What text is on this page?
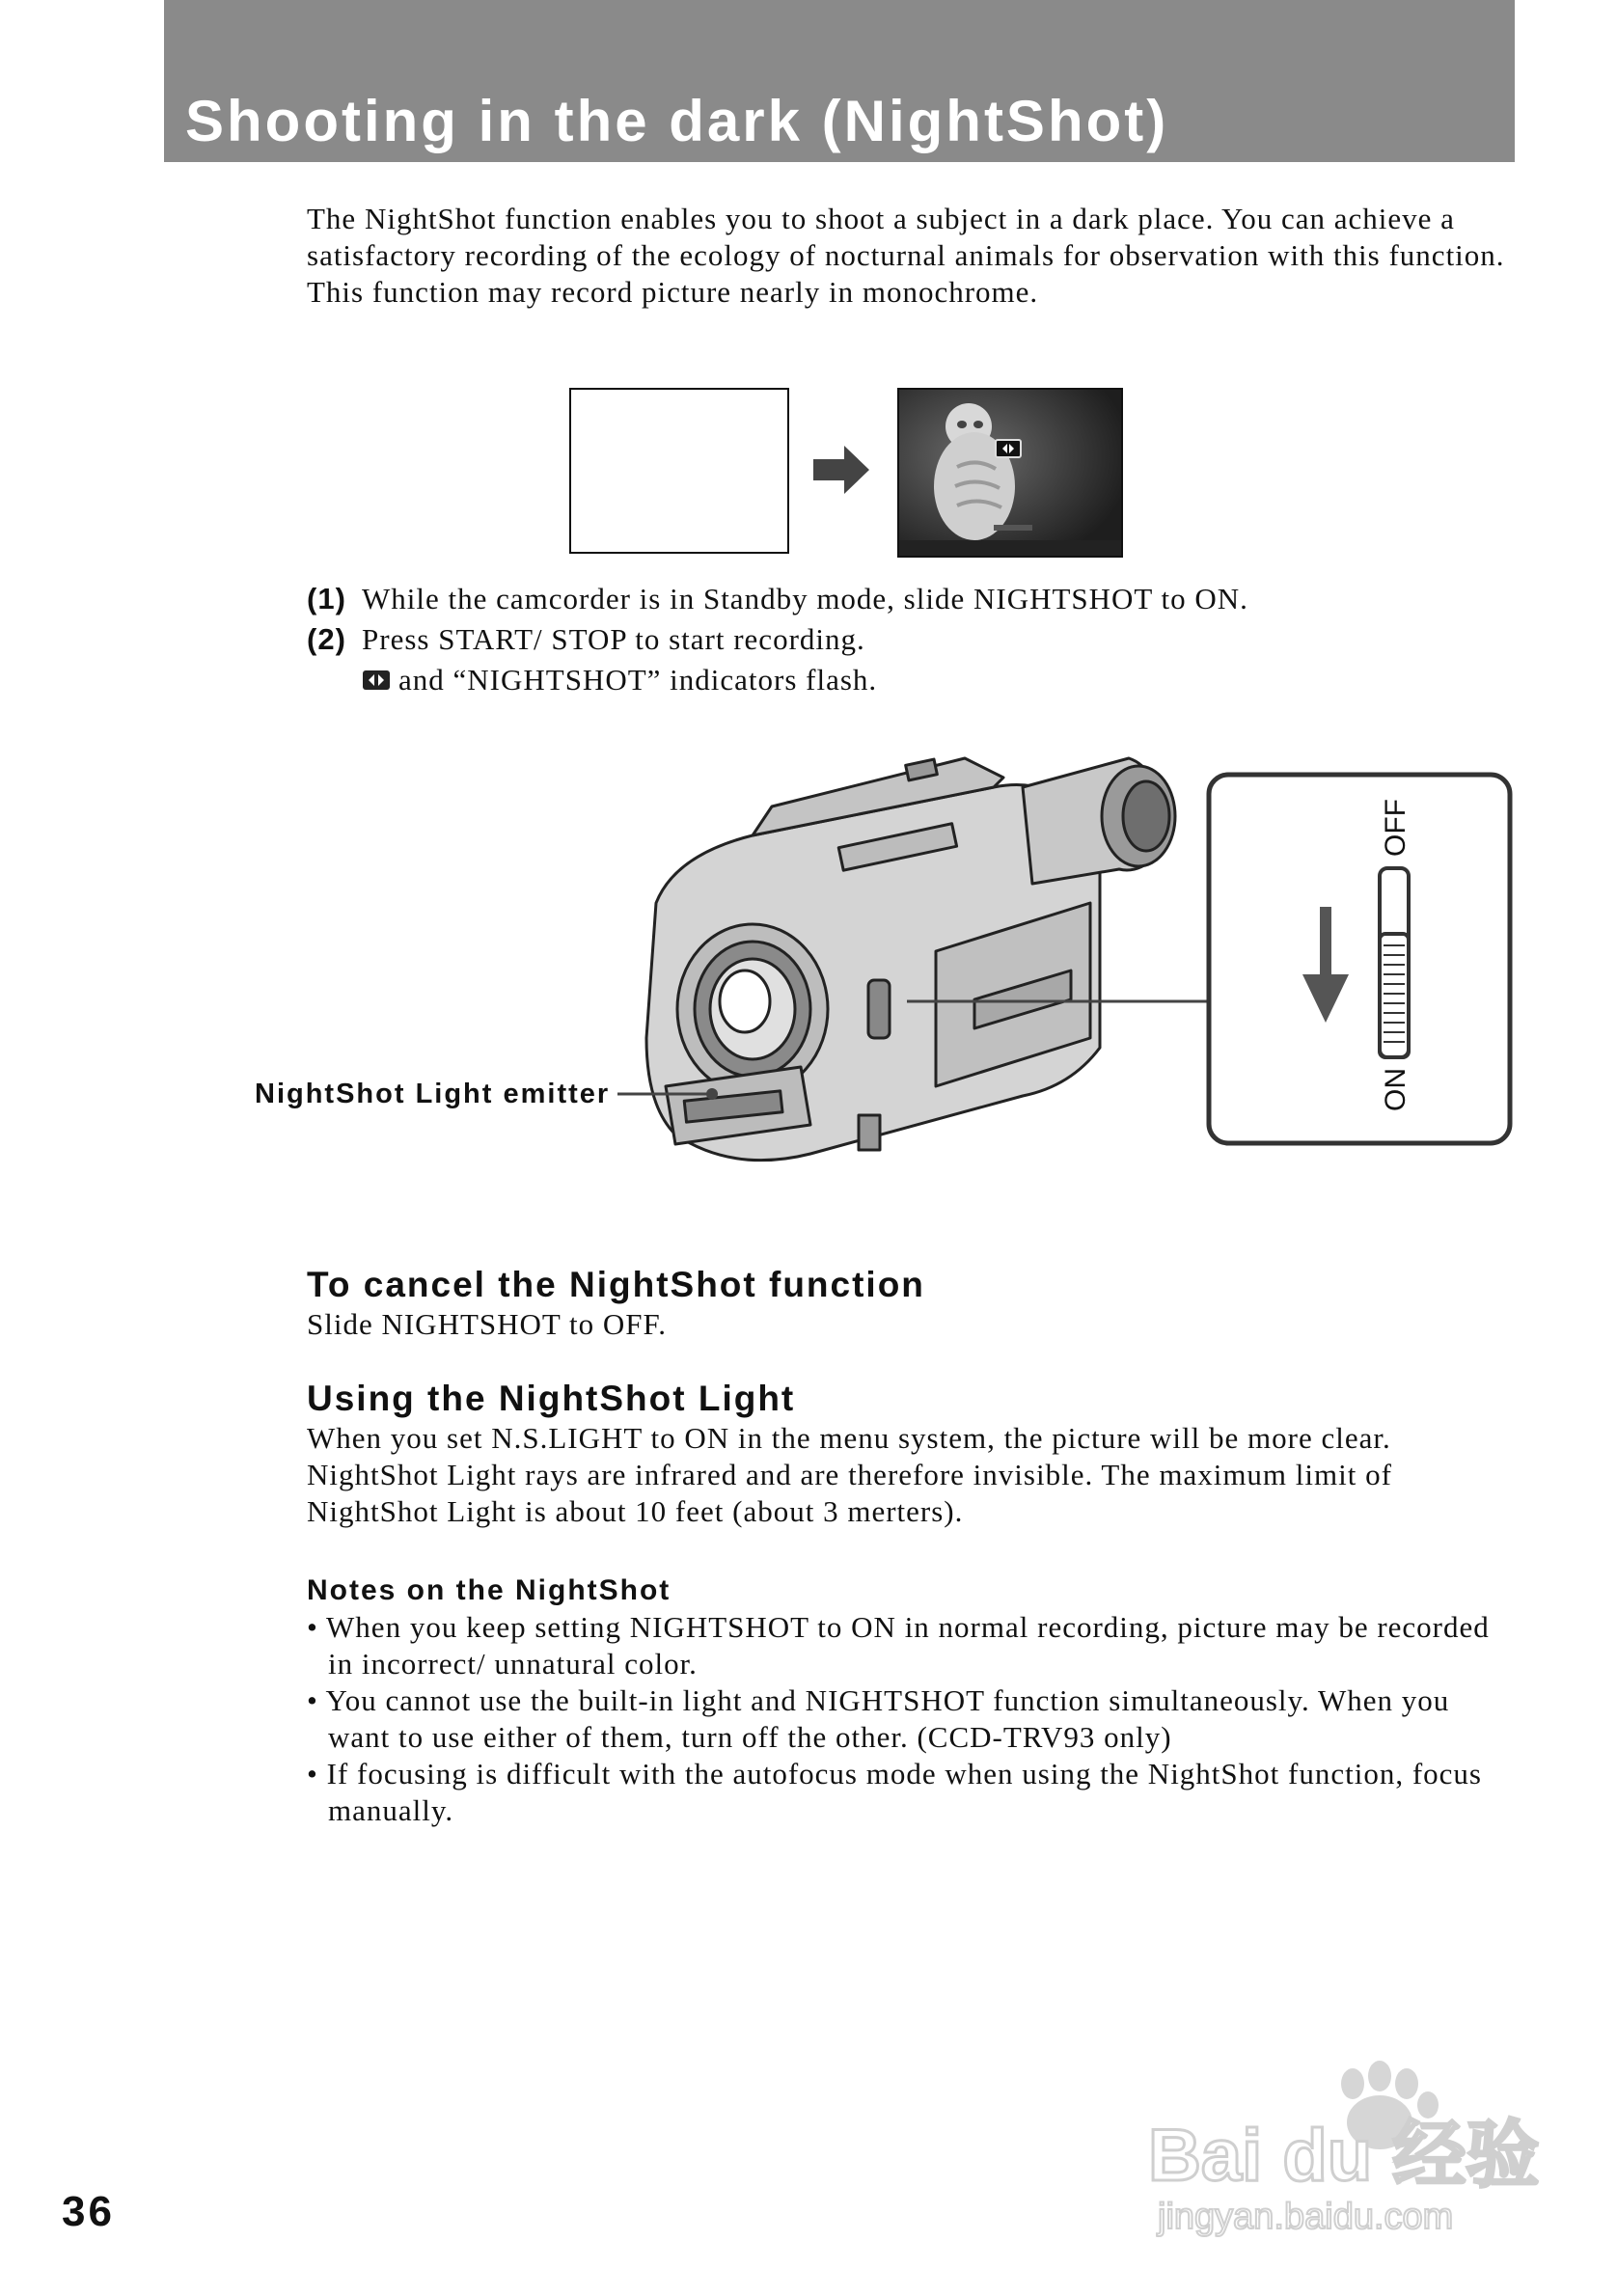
Shooting in the dark (NightShot)

The NightShot function enables you to shoot a subject in a dark place. You can achieve a satisfactory recording of the ecology of nocturnal animals for observation with this function.

This function may record picture nearly in monochrome.

(1) While the camcorder is in Standby mode, slide NIGHTSHOT to ON.
(2) Press START/ STOP to start recording.
and “NIGHTSHOT” indicators flash.
NightShot Light emitter
OFF
ON
To cancel the NightShot function

Slide NIGHTSHOT to OFF.

Using the NightShot Light

When you set N.S.LIGHT to ON in the menu system, the picture will be more clear. NightShot Light rays are infrared and are therefore invisible. The maximum limit of NightShot Light is about 10 feet (about 3 merters).

Notes on the NightShot
• When you keep setting NIGHTSHOT to ON in normal recording, picture may be recorded in incorrect/ unnatural color.
• You cannot use the built-in light and NIGHTSHOT function simultaneously. When you want to use either of them, turn off the other. (CCD-TRV93 only)
• If focusing is difficult with the autofocus mode when using the NightShot function, focus manually.
36
Bai du 经验
jingyan.baidu.com
